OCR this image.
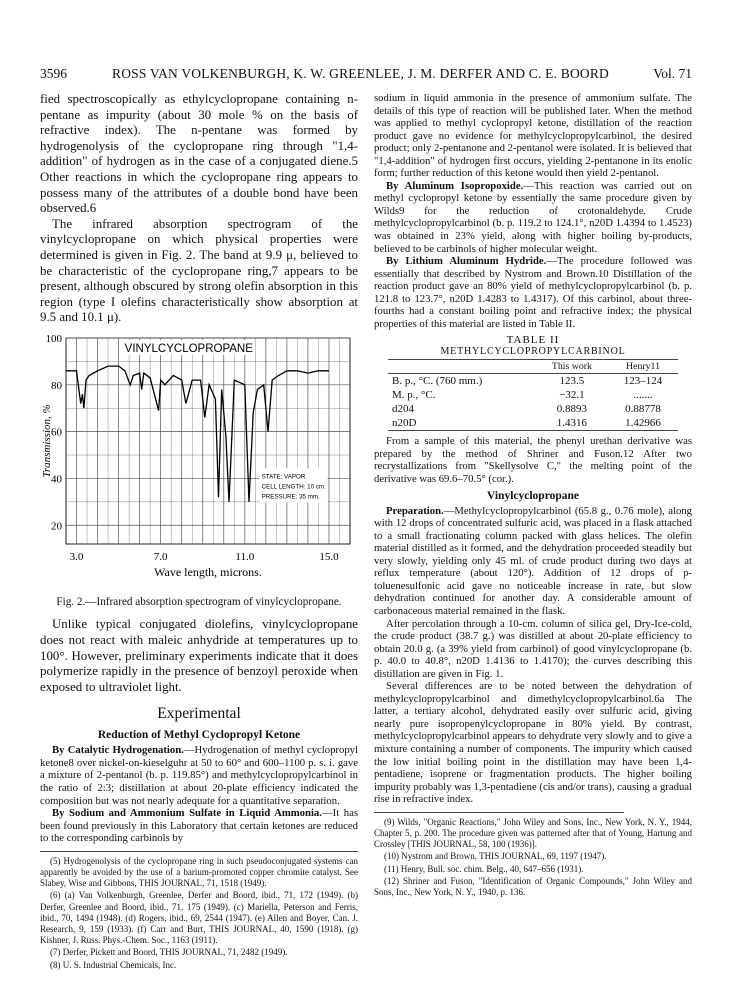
3596	ROSS VAN VOLKENBURGH, K. W. GREENLEE, J. M. DERFER AND C. E. BOORD	Vol. 71

fied spectroscopically as ethylcyclopropane containing n-pentane as impurity (about 30 mole % on the basis of refractive index). The n-pentane was formed by hydrogenolysis of the cyclopropane ring through "1,4-addition" of hydrogen as in the case of a conjugated diene.5 Other reactions in which the cyclopropane ring appears to possess many of the attributes of a double bond have been observed.6

The infrared absorption spectrogram of the vinylcyclopropane on which physical properties were determined is given in Fig. 2. The band at 9.9 μ, believed to be characteristic of the cyclopropane ring,7 appears to be present, although obscured by strong olefin absorption in this region (type I olefins characteristically show absorption at 9.5 and 10.1 μ).

100
80
60
40
20
3.0	7.0	11.0	15.0
Wave length, microns.
Transmission, %
VINYLCYCLOPROPANE
STATE: VAPOR
CELL LENGTH: 10 cm.
PRESSURE: 35 mm.
Fig. 2.—Infrared absorption spectrogram of vinylcyclopropane.

Unlike typical conjugated diolefins, vinylcyclopropane does not react with maleic anhydride at temperatures up to 100°. However, preliminary experiments indicate that it does polymerize rapidly in the presence of benzoyl peroxide when exposed to ultraviolet light.

Experimental
Reduction of Methyl Cyclopropyl Ketone

By Catalytic Hydrogenation.—Hydrogenation of methyl cyclopropyl ketone8 over nickel-on-kieselguhr at 50 to 60° and 600–1100 p. s. i. gave a mixture of 2-pentanol (b. p. 119.85°) and methylcyclopropylcarbinol in the ratio of 2:3; distillation at about 20-plate efficiency indicated the composition but was not nearly adequate for a quantitative separation.

By Sodium and Ammonium Sulfate in Liquid Ammonia.—It has been found previously in this Laboratory that certain ketones are reduced to the corresponding carbinols by

(5) Hydrogenolysis of the cyclopropane ring in such pseudoconjugated systems can apparently be avoided by the use of a barium-promoted copper chromite catalyst. See Slabey, Wise and Gibbons, THIS JOURNAL, 71, 1518 (1949).

(6) (a) Van Volkenburgh, Greenlee, Derfer and Boord, ibid., 71, 172 (1949). (b) Derfer, Greenlee and Boord, ibid., 71, 175 (1949). (c) Mariella, Peterson and Ferris, ibid., 70, 1494 (1948). (d) Rogers, ibid., 69, 2544 (1947). (e) Allen and Boyer, Can. J. Research, 9, 159 (1933). (f) Carr and Burt, THIS JOURNAL, 40, 1590 (1918). (g) Kishner, J. Russ. Phys.-Chem. Soc., 1163 (1911).

(7) Derfer, Pickett and Boord, THIS JOURNAL, 71, 2482 (1949).

(8) U. S. Industrial Chemicals, Inc.

sodium in liquid ammonia in the presence of ammonium sulfate. The details of this type of reaction will be published later. When the method was applied to methyl cyclopropyl ketone, distillation of the reaction product gave no evidence for methylcyclopropylcarbinol, the desired product; only 2-pentanone and 2-pentanol were isolated. It is believed that "1,4-addition" of hydrogen first occurs, yielding 2-pentanone in its enolic form; further reduction of this ketone would then yield 2-pentanol.

By Aluminum Isopropoxide.—This reaction was carried out on methyl cyclopropyl ketone by essentially the same procedure given by Wilds9 for the reduction of crotonaldehyde. Crude methylcyclopropylcarbinol (b. p. 119.2 to 124.1°, n20D 1.4394 to 1.4523) was obtained in 23% yield, along with higher boiling by-products, believed to be carbinols of higher molecular weight.

By Lithium Aluminum Hydride.—The procedure followed was essentially that described by Nystrom and Brown.10 Distillation of the reaction product gave an 80% yield of methylcyclopropylcarbinol (b. p. 121.8 to 123.7°, n20D 1.4283 to 1.4317). Of this carbinol, about three-fourths had a constant boiling point and refractive index; the physical properties of this material are listed in Table II.

TABLE II
METHYLCYCLOPROPYLCARBINOL
	This work	Henry11
B. p., °C. (760 mm.)	123.5	123–124
M. p., °C.	−32.1	.......
d204	0.8893	0.88778
n20D	1.4316	1.42966

From a sample of this material, the phenyl urethan derivative was prepared by the method of Shriner and Fuson.12 After two recrystallizations from "Skellysolve C," the melting point of the derivative was 69.6–70.5° (cor.).

Vinylcyclopropane

Preparation.—Methylcyclopropylcarbinol (65.8 g., 0.76 mole), along with 12 drops of concentrated sulfuric acid, was placed in a flask attached to a small fractionating column packed with glass helices. The olefin material distilled as it formed, and the dehydration proceeded steadily but very slowly, yielding only 45 ml. of crude product during two days at reflux temperature (about 120°). Addition of 12 drops of p-toluenesulfonic acid gave no noticeable increase in rate, but slow dehydration continued for another day. A considerable amount of carbonaceous material remained in the flask.

After percolation through a 10-cm. column of silica gel, Dry-Ice-cold, the crude product (38.7 g.) was distilled at about 20-plate efficiency to obtain 20.0 g. (a 39% yield from carbinol) of good vinylcyclopropane (b. p. 40.0 to 40.8°, n20D 1.4136 to 1.4170); the curves describing this distillation are given in Fig. 1.

Several differences are to be noted between the dehydration of methylcyclopropylcarbinol and dimethylcyclopropylcarbinol.6a The latter, a tertiary alcohol, dehydrated easily over sulfuric acid, giving nearly pure isopropenylcyclopropane in 80% yield. By contrast, methylcyclopropylcarbinol appears to dehydrate very slowly and to give a mixture containing a number of components. The impurity which caused the low initial boiling point in the distillation may have been 1,4-pentadiene, isoprene or fragmentation products. The higher boiling impurity probably was 1,3-pentadiene (cis and/or trans), causing a gradual rise in refractive index.

(9) Wilds, "Organic Reactions," John Wiley and Sons, Inc., New York, N. Y., 1944, Chapter 5, p. 200. The procedure given was patterned after that of Young, Hartung and Crossley [THIS JOURNAL, 58, 100 (1936)].

(10) Nystrom and Brown, THIS JOURNAL, 69, 1197 (1947).

(11) Henry, Bull. soc. chim. Belg., 40, 647–656 (1931).

(12) Shriner and Fuson, "Identification of Organic Compounds," John Wiley and Sons, Inc., New York, N. Y., 1940, p. 136.
